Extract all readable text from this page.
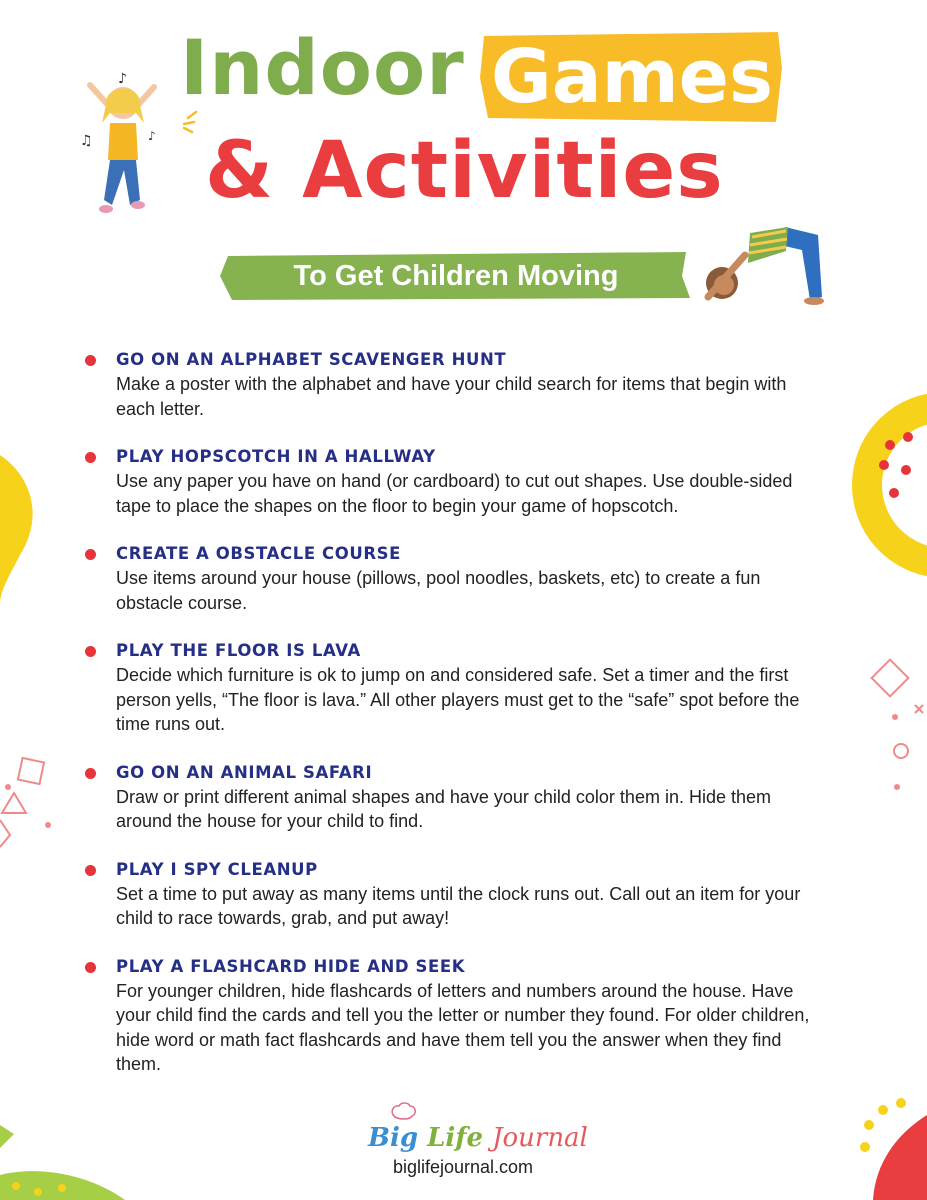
♪
♫	♪
Indoor Games
& Activities
To Get Children Moving
GO ON AN ALPHABET SCAVENGER HUNT
Make a poster with the alphabet and have your child search for items that begin with each letter.
PLAY HOPSCOTCH IN A HALLWAY
Use any paper you have on hand (or cardboard) to cut out shapes. Use double-sided tape to place the shapes on the floor to begin your game of hopscotch.
CREATE A OBSTACLE COURSE
Use items around your house (pillows, pool noodles, baskets, etc) to create a fun obstacle course.
PLAY THE FLOOR IS LAVA
Decide which furniture is ok to jump on and considered safe. Set a timer and the first person yells, “The floor is lava.” All other players must get to the “safe” spot before the time runs out.
GO ON AN ANIMAL SAFARI
Draw or print different animal shapes and have your child color them in. Hide them around the house for your child to find.
PLAY I SPY CLEANUP
Set a time to put away as many items until the clock runs out. Call out an item for your child to race towards, grab, and put away!
PLAY A FLASHCARD HIDE AND SEEK
For younger children, hide flashcards of letters and numbers around the house. Have your child find the cards and tell you the letter or number they found. For older children, hide word or math fact flashcards and have them tell you the answer when they find them.
Big Life Journal
biglifejournal.com
